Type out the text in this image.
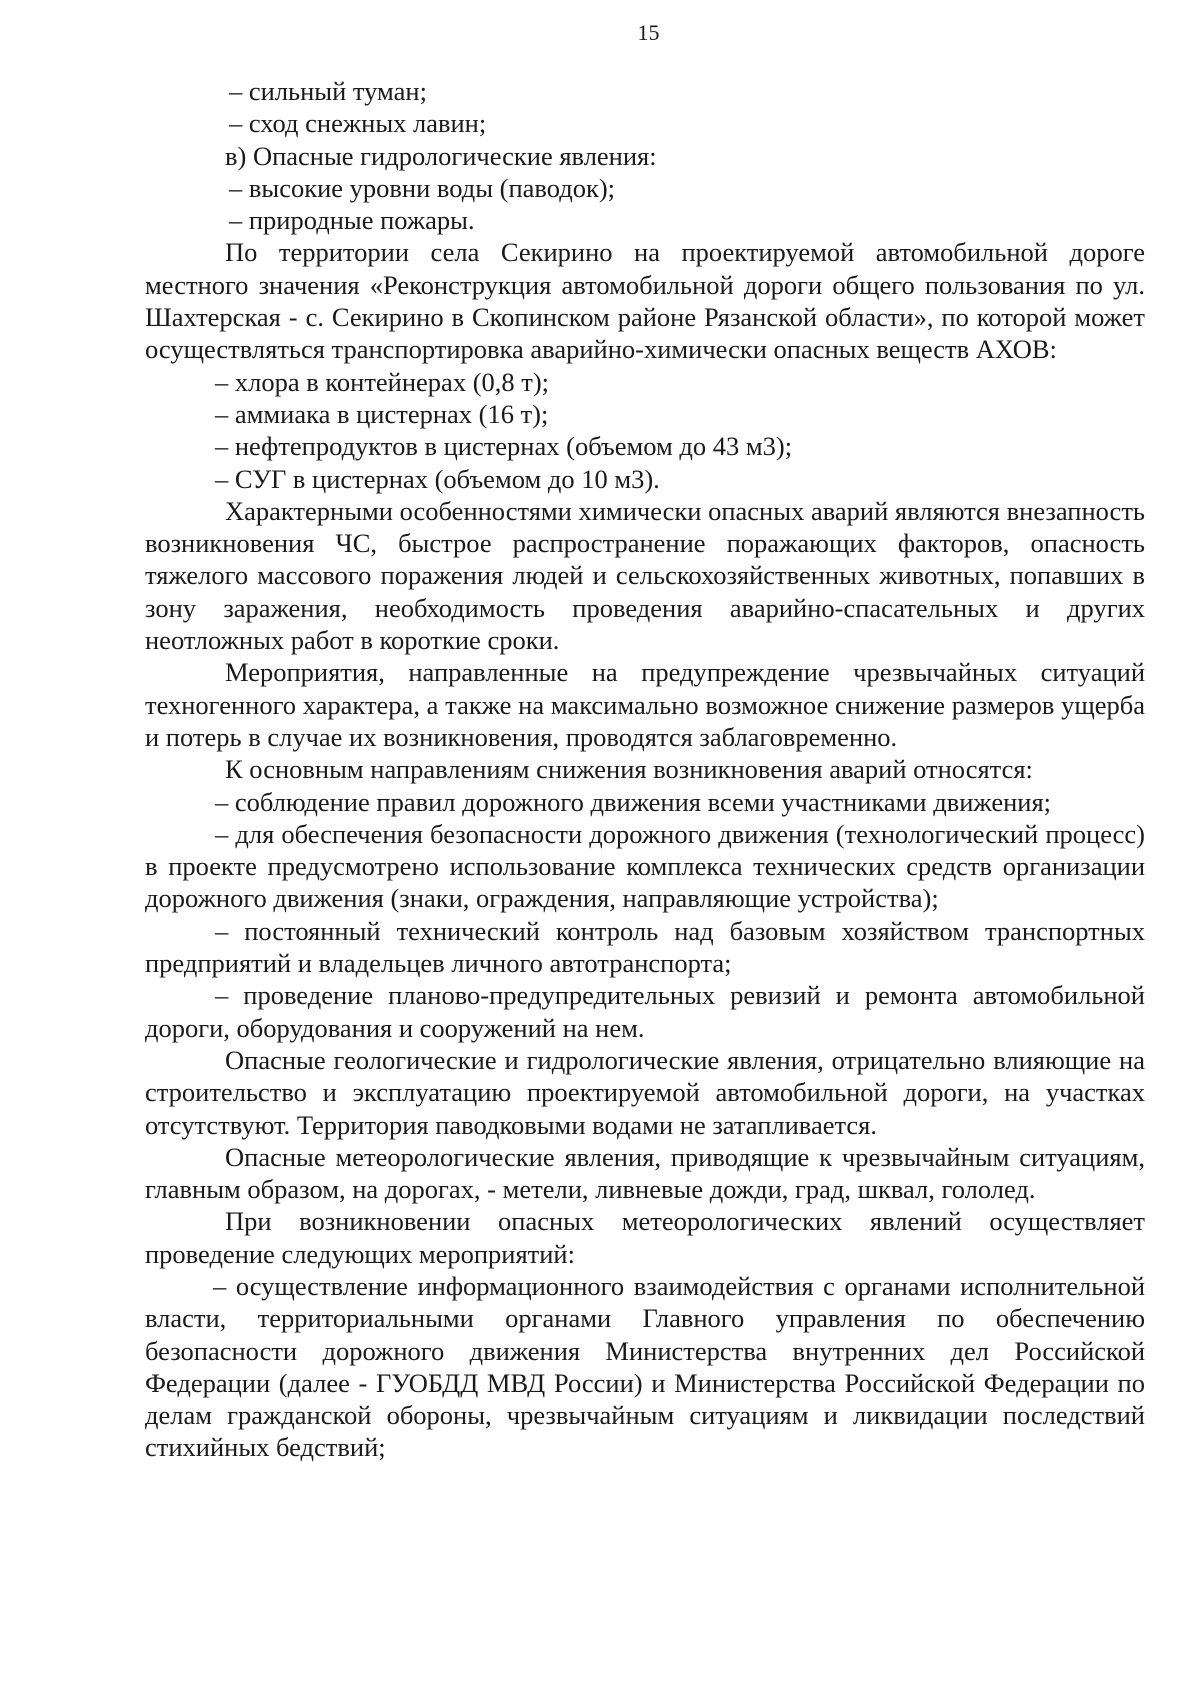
15

– сильный туман;

– сход снежных лавин;

в) Опасные гидрологические явления:

– высокие уровни воды (паводок);

– природные пожары.

По территории села Секирино на проектируемой автомобильной дороге местного значения «Реконструкция автомобильной дороги общего пользования по ул. Шахтерская - с. Секирино в Скопинском районе Рязанской области», по которой может осуществляться транспортировка аварийно-химически опасных веществ АХОВ:

– хлора в контейнерах (0,8 т);

– аммиака в цистернах (16 т);

– нефтепродуктов в цистернах (объемом до 43 м3);

– СУГ в цистернах (объемом до 10 м3).

Характерными особенностями химически опасных аварий являются внезапность возникновения ЧС, быстрое распространение поражающих факторов, опасность тяжелого массового поражения людей и сельскохозяйственных животных, попавших в зону заражения, необходимость проведения аварийно-спасательных и других неотложных работ в короткие сроки.

Мероприятия, направленные на предупреждение чрезвычайных ситуаций техногенного характера, а также на максимально возможное снижение размеров ущерба и потерь в случае их возникновения, проводятся заблаговременно.

К основным направлениям снижения возникновения аварий относятся:

– соблюдение правил дорожного движения всеми участниками движения;

– для обеспечения безопасности дорожного движения (технологический процесс) в проекте предусмотрено использование комплекса технических средств организации дорожного движения (знаки, ограждения, направляющие устройства);

– постоянный технический контроль над базовым хозяйством транспортных предприятий и владельцев личного автотранспорта;

– проведение планово-предупредительных ревизий и ремонта автомобильной дороги, оборудования и сооружений на нем.

Опасные геологические и гидрологические явления, отрицательно влияющие на строительство и эксплуатацию проектируемой автомобильной дороги, на участках отсутствуют. Территория паводковыми водами не затапливается.

Опасные метеорологические явления, приводящие к чрезвычайным ситуациям, главным образом, на дорогах, - метели, ливневые дожди, град, шквал, гололед.

При возникновении опасных метеорологических явлений осуществляет проведение следующих мероприятий:

– осуществление информационного взаимодействия с органами исполнительной власти, территориальными органами Главного управления по обеспечению безопасности дорожного движения Министерства внутренних дел Российской Федерации (далее - ГУОБДД МВД России) и Министерства Российской Федерации по делам гражданской обороны, чрезвычайным ситуациям и ликвидации последствий стихийных бедствий;
